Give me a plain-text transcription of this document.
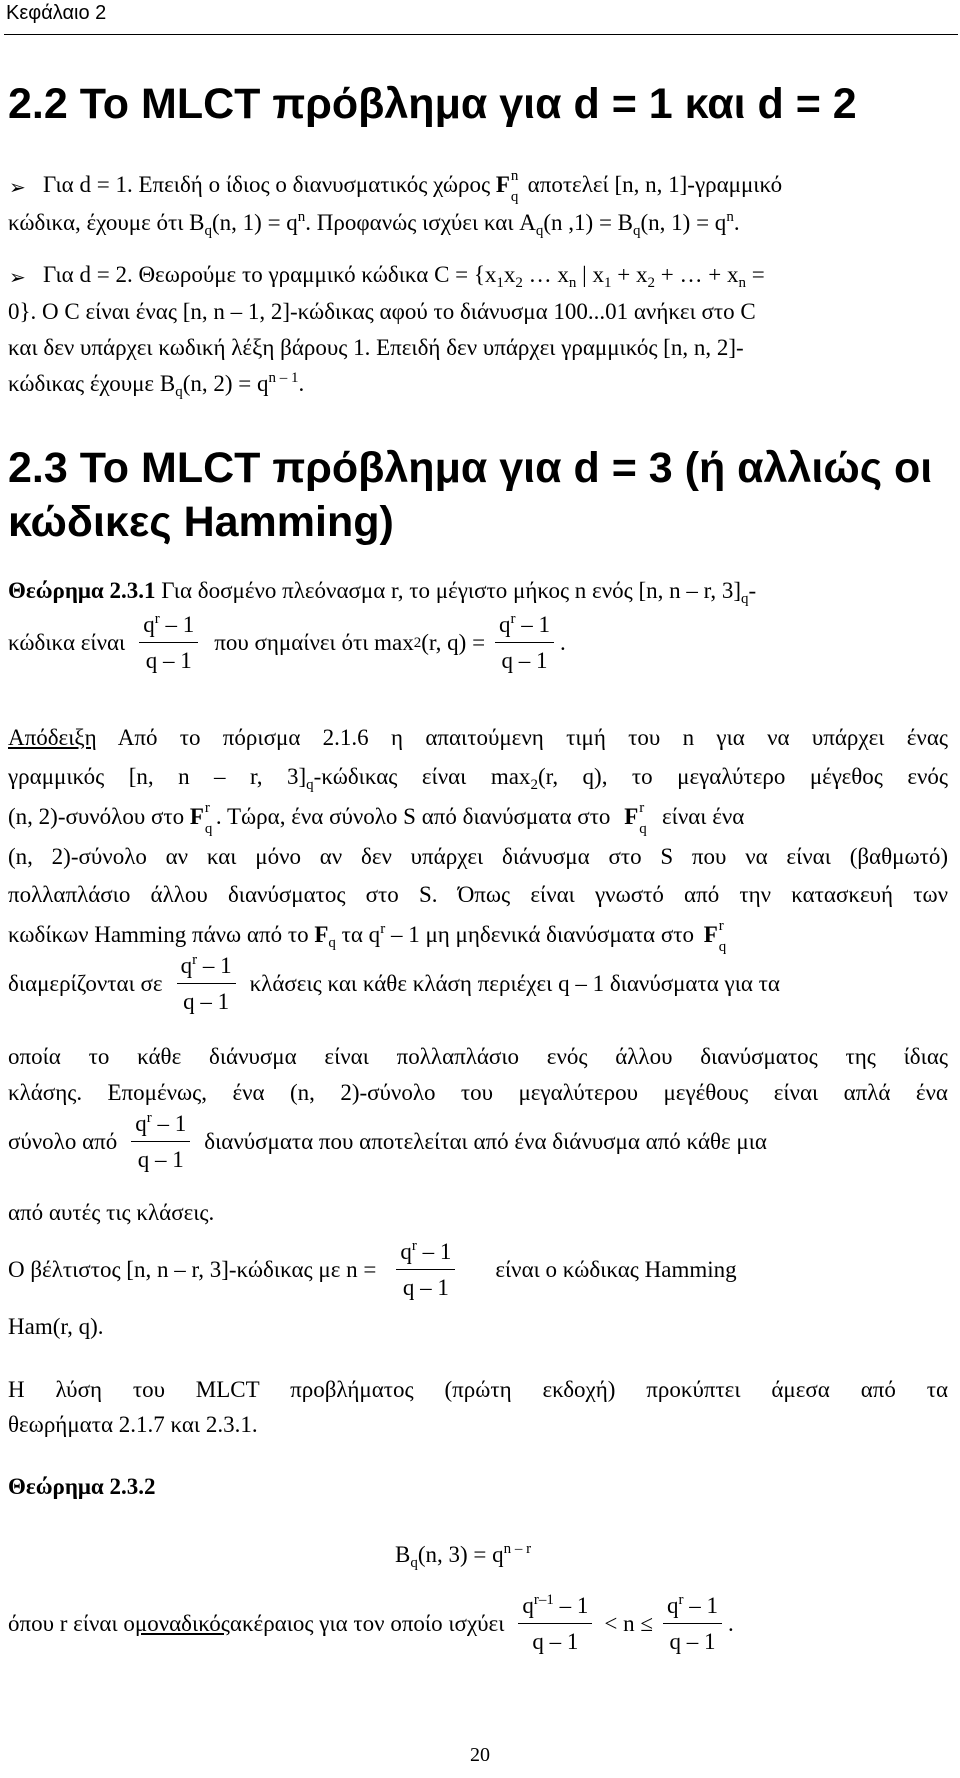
Κεφάλαιο 2
2.2 Το MLCT πρόβλημα για d = 1 και d = 2
➢ Για d = 1. Επειδή ο ίδιος ο διανυσματικός χώρος F n
q αποτελεί [n, n, 1]-γραμμικό
κώδικα, έχουμε ότι $B_q(n$, $1) = q^n$. Προφανώς ισχύει και $A_q(n$ $,1) = B_q(n$, $1) = q^n$.
➢ Για d = 2. Θεωρούμε το γραμμικό κώδικα $C = \{x_1x_2$ … $x_n$ | $x_1 + x_2$ + … + $x_n$ =
0}. Ο C είναι ένας [n, n – 1, 2]-κώδικας αφού το διάνυσμα 100...01 ανήκει στο C
και δεν υπάρχει κωδική λέξη βάρους 1. Επειδή δεν υπάρχει γραμμικός [n, n, 2]-
κώδικας έχουμε $B_q(n$, $2) = q^{n - 1}$.
2.3 Το MLCT πρόβλημα για d = 3 (ή αλλιώς οι
κώδικες Hamming)
Θεώρημα 2.3.1 Για δοσμένο πλεόνασμα r, το μέγιστο μήκος n ενός [n, n – r, $3]_q-$
κώδικα είναι $\frac{q^r - 1}{q - 1}$ που σημαίνει ότι max 2 (r, $q) = \frac{q^r - 1}{q - 1}$ .
Απόδειξη Από το πόρισμα 2.1.6 η απαιτούμενη τιμή του n για να υπάρχει ένας
γραμμικός [n, n – r, $3]_q$-κώδικας είναι $\max_2(r$, q), το μεγαλύτερο μέγεθος ενός
(n, 2)-συνόλου στο F r
q . Τώρα, ένα σύνολο S από διανύσματα στο F r
q είναι ένα
(n, 2)-σύνολο αν και μόνο αν δεν υπάρχει διάνυσμα στο S που να είναι (βαθμωτό)
πολλαπλάσιο άλλου διανύσματος στο S. Όπως είναι γνωστό από την κατασκευή των
κωδίκων Hamming πάνω από το $F_q$ τα $q^r - 1$ μη μηδενικά διανύσματα στο F r
q
διαμερίζονται σε $\frac{q^r - 1}{q - 1}$ κλάσεις και κάθε κλάση περιέχει q – 1 διανύσματα για τα
οποία το κάθε διάνυσμα είναι πολλαπλάσιο ενός άλλου διανύσματος της ίδιας
κλάσης. Επομένως, ένα (n, 2)-σύνολο του μεγαλύτερου μεγέθους είναι απλά ένα
σύνολο από $\frac{q^r - 1}{q - 1}$ διανύσματα που αποτελείται από ένα διάνυσμα από κάθε μια
από αυτές τις κλάσεις.
Ο βέλτιστος [n, n – r, 3]-κώδικας με $n = \frac{q^r - 1}{q - 1}$ είναι ο κώδικας Hamming
Ham(r, q).
Η λύση του MLCT προβλήματος (πρώτη εκδοχή) προκύπτει άμεσα από τα
θεωρήματα 2.1.7 και 2.3.1.
Θεώρημα 2.3.2
$B_q(n$, $3) = q^{n - r}$
όπου r είναι ο μοναδικός ακέραιος για τον οποίο ισχύει $\frac{q^{r-1} - 1}{q - 1} < n \le \frac{q^r - 1}{q - 1}$ .
20
